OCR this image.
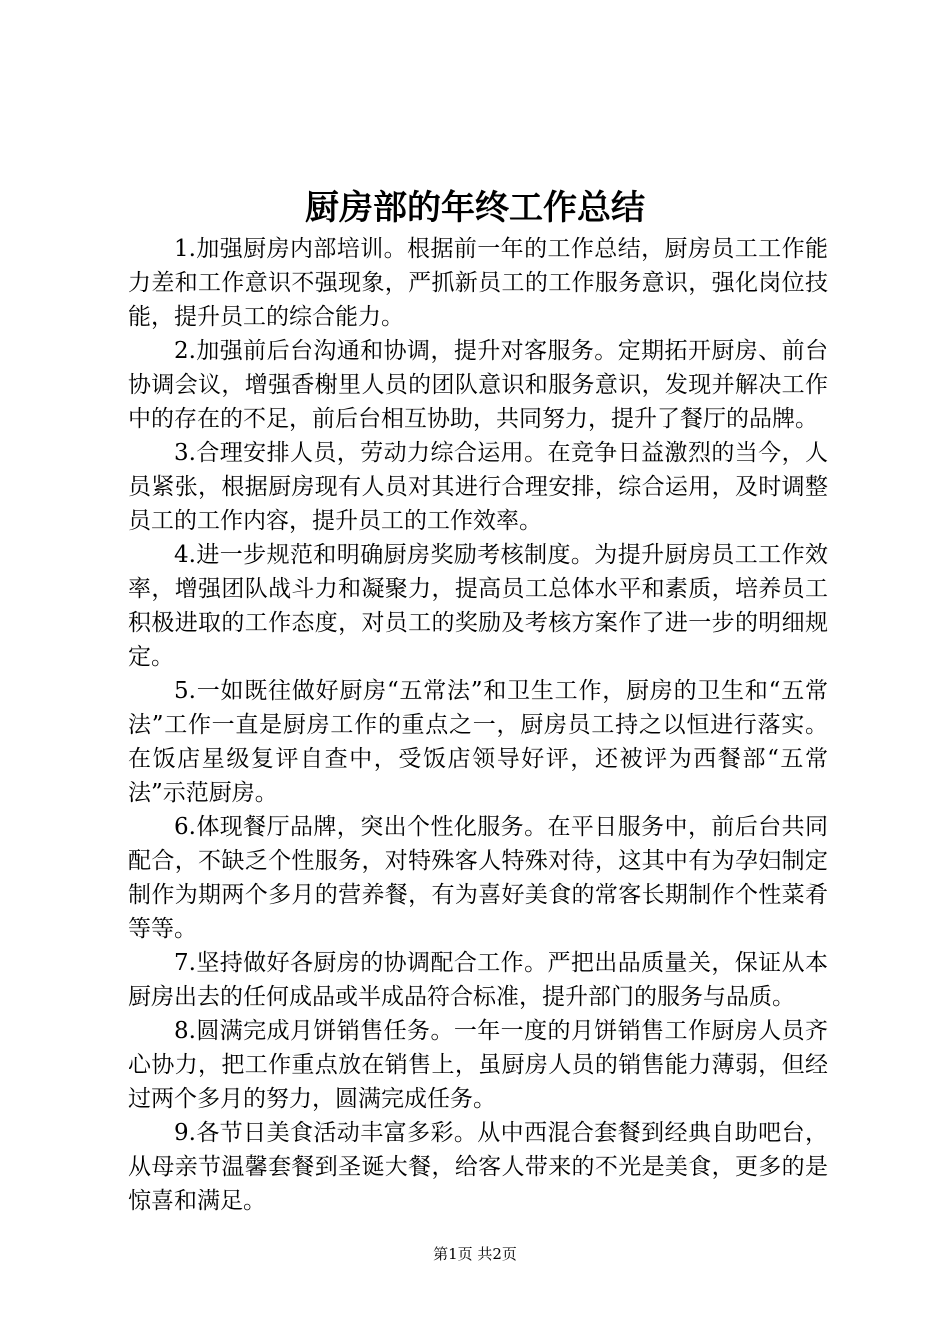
厨房部的年终工作总结

1.加强厨房内部培训。根据前一年的工作总结，厨房员工工作能力差和工作意识不强现象，严抓新员工的工作服务意识，强化岗位技能，提升员工的综合能力。

2.加强前后台沟通和协调，提升对客服务。定期拓开厨房、前台协调会议，增强香榭里人员的团队意识和服务意识，发现并解决工作中的存在的不足，前后台相互协助，共同努力，提升了餐厅的品牌。

3.合理安排人员，劳动力综合运用。在竞争日益激烈的当今，人员紧张，根据厨房现有人员对其进行合理安排，综合运用，及时调整员工的工作内容，提升员工的工作效率。

4.进一步规范和明确厨房奖励考核制度。为提升厨房员工工作效率，增强团队战斗力和凝聚力，提高员工总体水平和素质，培养员工积极进取的工作态度，对员工的奖励及考核方案作了进一步的明细规定。

5.一如既往做好厨房“五常法”和卫生工作，厨房的卫生和“五常法”工作一直是厨房工作的重点之一，厨房员工持之以恒进行落实。在饭店星级复评自查中，受饭店领导好评，还被评为西餐部“五常法”示范厨房。

6.体现餐厅品牌，突出个性化服务。在平日服务中，前后台共同配合，不缺乏个性服务，对特殊客人特殊对待，这其中有为孕妇制定制作为期两个多月的营养餐，有为喜好美食的常客长期制作个性菜肴等等。

7.坚持做好各厨房的协调配合工作。严把出品质量关，保证从本厨房出去的任何成品或半成品符合标准，提升部门的服务与品质。

8.圆满完成月饼销售任务。一年一度的月饼销售工作厨房人员齐心协力，把工作重点放在销售上，虽厨房人员的销售能力薄弱，但经过两个多月的努力，圆满完成任务。

9.各节日美食活动丰富多彩。从中西混合套餐到经典自助吧台，从母亲节温馨套餐到圣诞大餐，给客人带来的不光是美食，更多的是惊喜和满足。

第1页 共2页
